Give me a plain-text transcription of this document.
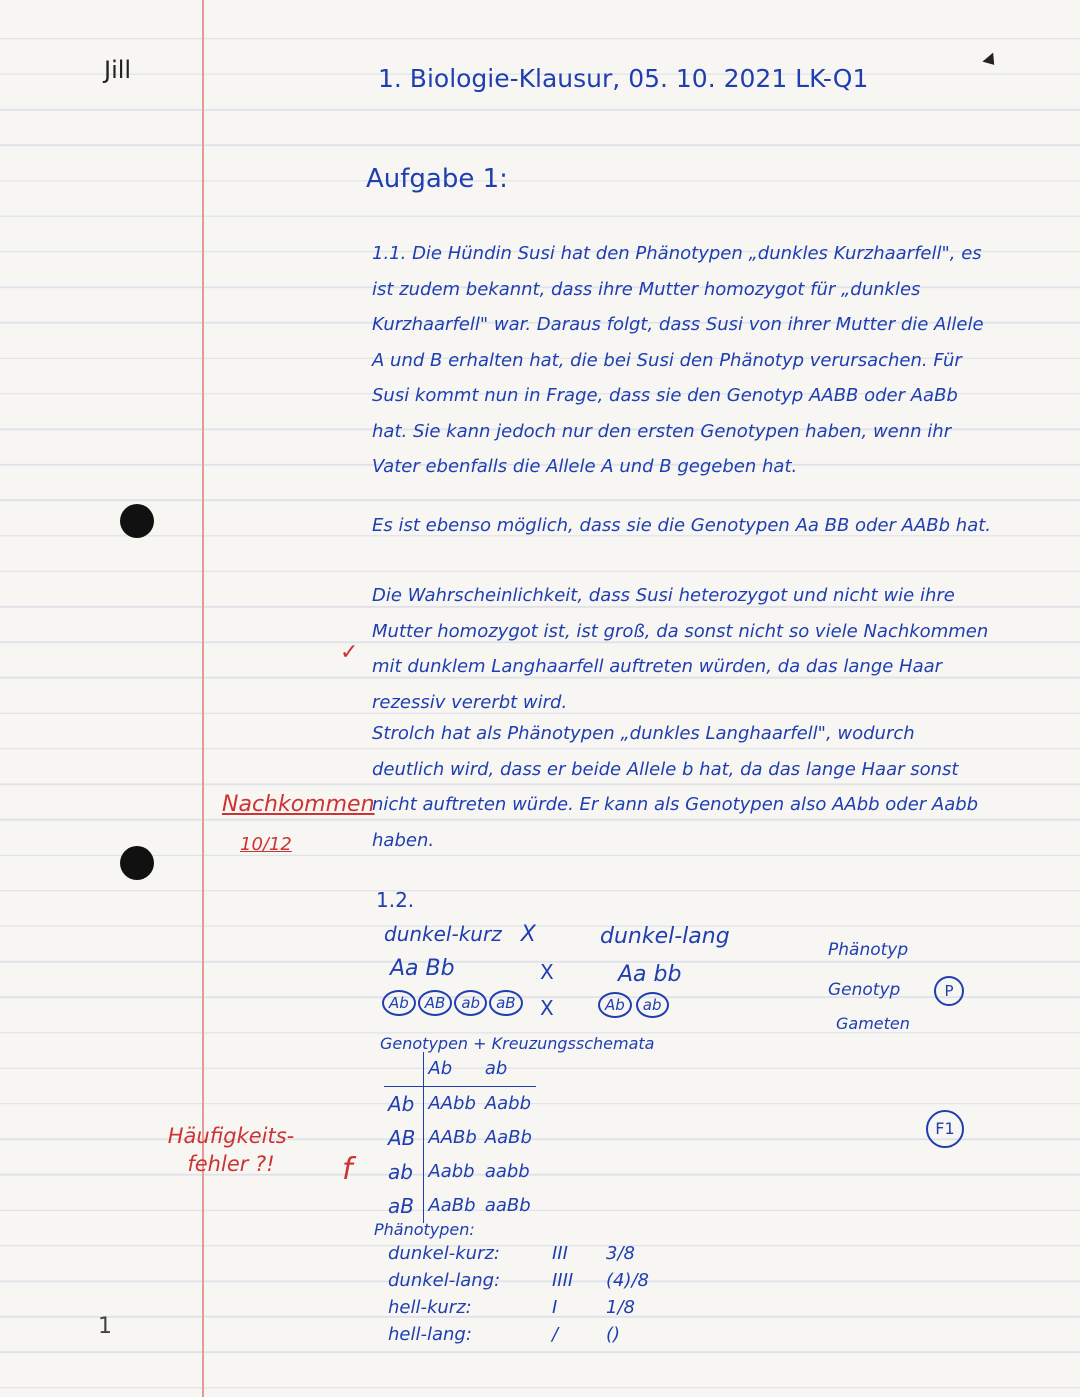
Jill	1. Biologie-Klausur, 05. 10. 2021 LK-Q1
Aufgabe 1:
1.1. Die Hündin Susi hat den Phänotypen „dunkles Kurzhaarfell", es ist zudem bekannt, dass ihre Mutter homozygot für „dunkles Kurzhaarfell" war. Daraus folgt, dass Susi von ihrer Mutter die Allele A und B erhalten hat, die bei Susi den Phänotyp verursachen. Für Susi kommt nun in Frage, dass sie den Genotyp AABB oder AaBb hat. Sie kann jedoch nur den ersten Genotypen haben, wenn ihr Vater ebenfalls die Allele A und B gegeben hat.
Es ist ebenso möglich, dass sie die Genotypen Aa BB oder AABb hat.
Die Wahrscheinlichkeit, dass Susi heterozygot und nicht wie ihre Mutter homozygot ist, ist groß, da sonst nicht so viele Nachkommen mit dunklem Langhaarfell auftreten würden, da das lange Haar rezessiv vererbt wird.
Strolch hat als Phänotypen „dunkles Langhaarfell", wodurch deutlich wird, dass er beide Allele b hat, da das lange Haar sonst nicht auftreten würde. Er kann als Genotypen also AAbb oder Aabb haben.
✓
Nachkommen
10/12
Häufigkeits-fehler ?!	f
1.2.
dunkel-kurz X	dunkel-lang
Aa Bb	X	Aa bb
Ab	AB	ab	aB	X	Ab	ab
Phänotyp
Genotyp
Gameten
P
F1
Genotypen + Kreuzungsschemata
	Ab	ab
Ab	AAbb	Aabb
AB	AABb	AaBb
ab	Aabb	aabb
aB	AaBb	aaBb
Phänotypen:
dunkel-kurz:	III	3/8
dunkel-lang:	IIII	(4)/8
hell-kurz:	I	1/8
hell-lang:	/	()
1
